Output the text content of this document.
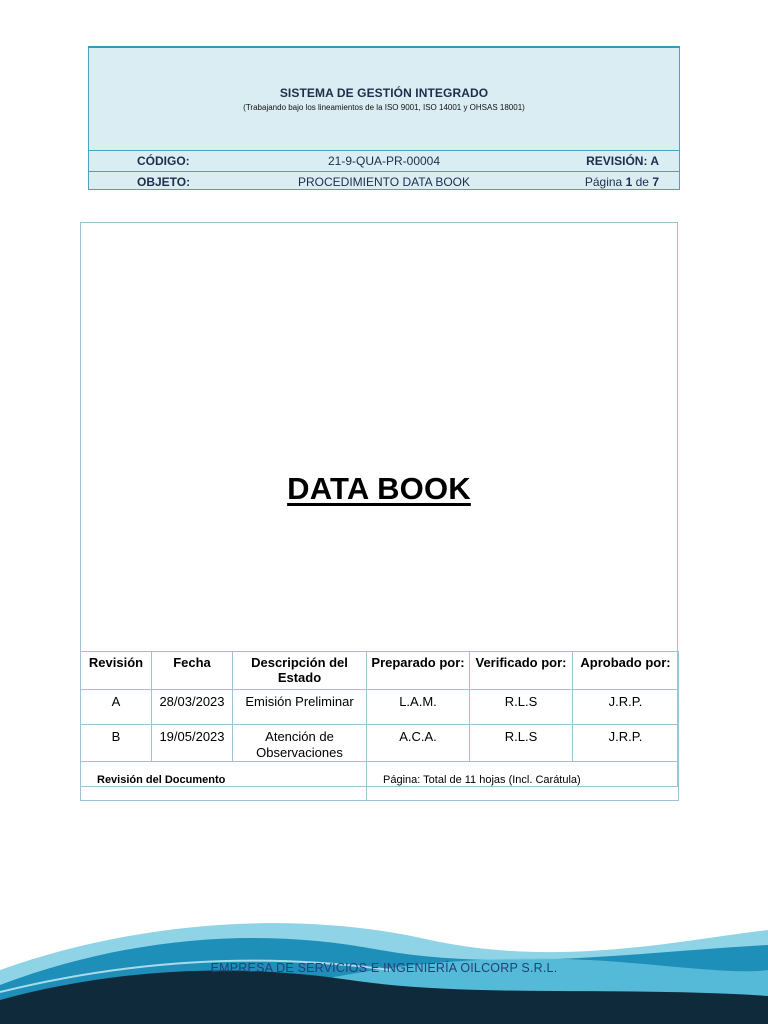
SISTEMA DE GESTIÓN INTEGRADO
(Trabajando bajo los lineamientos de la ISO 9001, ISO 14001 y OHSAS 18001)
CÓDIGO:	21-9-QUA-PR-00004	REVISIÓN: A
OBJETO:	PROCEDIMIENTO DATA BOOK	Página 1 de 7
DATA BOOK
Revisión	Fecha	Descripción del Estado	Preparado por:	Verificado por:	Aprobado por:
A	28/03/2023	Emisión Preliminar	L.A.M.	R.L.S	J.R.P.
B	19/05/2023	Atención de Observaciones	A.C.A.	R.L.S	J.R.P.
Revisión del Documento			Página: Total de 11 hojas (Incl. Carátula)		
EMPRESA DE SERVICIOS E INGENIERÍA OILCORP S.R.L.
